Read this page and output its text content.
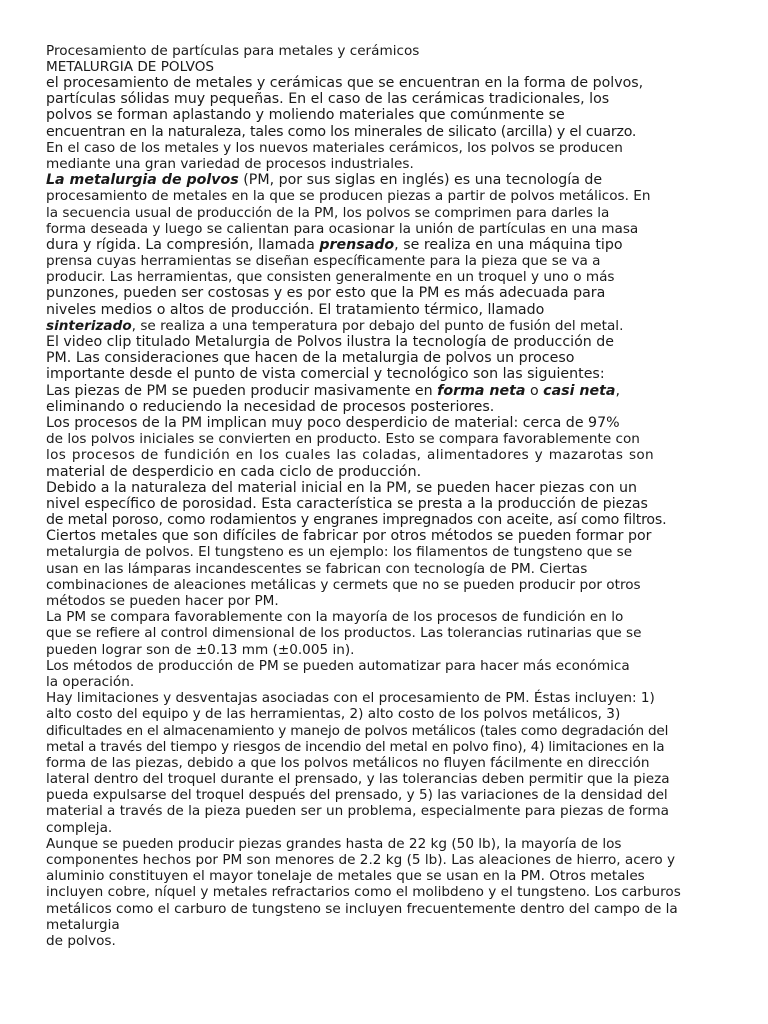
Procesamiento de partículas para metales y cerámicos
METALURGIA DE POLVOS
el procesamiento de metales y cerámicas que se encuentran en la forma de polvos,
partículas sólidas muy pequeñas. En el caso de las cerámicas tradicionales, los
polvos se forman aplastando y moliendo materiales que comúnmente se
encuentran en la naturaleza, tales como los minerales de silicato (arcilla) y el cuarzo.
En el caso de los metales y los nuevos materiales cerámicos, los polvos se producen
mediante una gran variedad de procesos industriales.
La metalurgia de polvos (PM, por sus siglas en inglés) es una tecnología de
procesamiento de metales en la que se producen piezas a partir de polvos metálicos. En
la secuencia usual de producción de la PM, los polvos se comprimen para darles la
forma deseada y luego se calientan para ocasionar la unión de partículas en una masa
dura y rígida. La compresión, llamada prensado, se realiza en una máquina tipo
prensa cuyas herramientas se diseñan específicamente para la pieza que se va a
producir. Las herramientas, que consisten generalmente en un troquel y uno o más
punzones, pueden ser costosas y es por esto que la PM es más adecuada para
niveles medios o altos de producción. El tratamiento térmico, llamado
sinterizado, se realiza a una temperatura por debajo del punto de fusión del metal.
El video clip titulado Metalurgia de Polvos ilustra la tecnología de producción de
PM. Las consideraciones que hacen de la metalurgia de polvos un proceso
importante desde el punto de vista comercial y tecnológico son las siguientes:
Las piezas de PM se pueden producir masivamente en forma neta o casi neta,
eliminando o reduciendo la necesidad de procesos posteriores.
Los procesos de la PM implican muy poco desperdicio de material: cerca de 97%
de los polvos iniciales se convierten en producto. Esto se compara favorablemente con
los procesos de fundición en los cuales las coladas, alimentadores y mazarotas son
material de desperdicio en cada ciclo de producción.
Debido a la naturaleza del material inicial en la PM, se pueden hacer piezas con un
nivel específico de porosidad. Esta característica se presta a la producción de piezas
de metal poroso, como rodamientos y engranes impregnados con aceite, así como filtros.
Ciertos metales que son difíciles de fabricar por otros métodos se pueden formar por
metalurgia de polvos. El tungsteno es un ejemplo: los filamentos de tungsteno que se
usan en las lámparas incandescentes se fabrican con tecnología de PM. Ciertas
combinaciones de aleaciones metálicas y cermets que no se pueden producir por otros
métodos se pueden hacer por PM.
La PM se compara favorablemente con la mayoría de los procesos de fundición en lo
que se refiere al control dimensional de los productos. Las tolerancias rutinarias que se
pueden lograr son de ±0.13 mm (±0.005 in).
Los métodos de producción de PM se pueden automatizar para hacer más económica
la operación.
Hay limitaciones y desventajas asociadas con el procesamiento de PM. Éstas incluyen: 1)
alto costo del equipo y de las herramientas, 2) alto costo de los polvos metálicos, 3)
dificultades en el almacenamiento y manejo de polvos metálicos (tales como degradación del
metal a través del tiempo y riesgos de incendio del metal en polvo fino), 4) limitaciones en la
forma de las piezas, debido a que los polvos metálicos no fluyen fácilmente en dirección
lateral dentro del troquel durante el prensado, y las tolerancias deben permitir que la pieza
pueda expulsarse del troquel después del prensado, y 5) las variaciones de la densidad del
material a través de la pieza pueden ser un problema, especialmente para piezas de forma
compleja.
Aunque se pueden producir piezas grandes hasta de 22 kg (50 lb), la mayoría de los
componentes hechos por PM son menores de 2.2 kg (5 lb). Las aleaciones de hierro, acero y
aluminio constituyen el mayor tonelaje de metales que se usan en la PM. Otros metales
incluyen cobre, níquel y metales refractarios como el molibdeno y el tungsteno. Los carburos
metálicos como el carburo de tungsteno se incluyen frecuentemente dentro del campo de la
metalurgia
de polvos.
